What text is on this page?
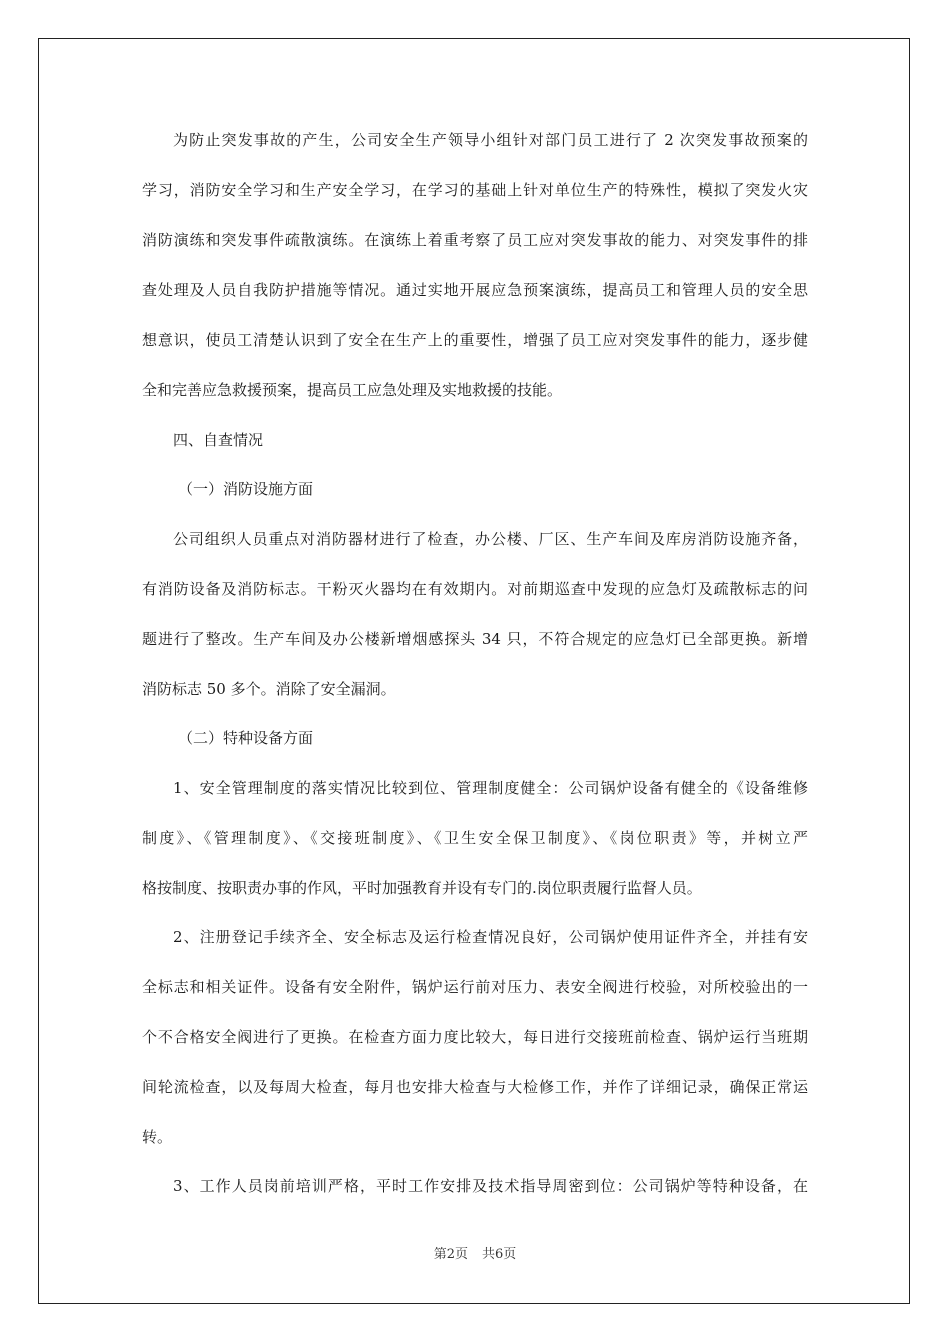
为防止突发事故的产生，公司安全生产领导小组针对部门员工进行了 2 次突发事故预案的
学习，消防安全学习和生产安全学习，在学习的基础上针对单位生产的特殊性，模拟了突发火灾
消防演练和突发事件疏散演练。在演练上着重考察了员工应对突发事故的能力、对突发事件的排
查处理及人员自我防护措施等情况。通过实地开展应急预案演练，提高员工和管理人员的安全思
想意识，使员工清楚认识到了安全在生产上的重要性，增强了员工应对突发事件的能力，逐步健
全和完善应急救援预案，提高员工应急处理及实地救援的技能。
四、自查情况
（一）消防设施方面
公司组织人员重点对消防器材进行了检查，办公楼、厂区、生产车间及库房消防设施齐备，
有消防设备及消防标志。干粉灭火器均在有效期内。对前期巡查中发现的应急灯及疏散标志的问
题进行了整改。生产车间及办公楼新增烟感探头 34 只，不符合规定的应急灯已全部更换。新增
消防标志 50 多个。消除了安全漏洞。
（二）特种设备方面
1、安全管理制度的落实情况比较到位、管理制度健全：公司锅炉设备有健全的《设备维修
制度》、《管理制度》、《交接班制度》、《卫生安全保卫制度》、《岗位职责》等，并树立严
格按制度、按职责办事的作风，平时加强教育并设有专门的.岗位职责履行监督人员。
2、注册登记手续齐全、安全标志及运行检查情况良好，公司锅炉使用证件齐全，并挂有安
全标志和相关证件。设备有安全附件，锅炉运行前对压力、表安全阀进行校验，对所校验出的一
个不合格安全阀进行了更换。在检查方面力度比较大，每日进行交接班前检查、锅炉运行当班期
间轮流检查，以及每周大检查，每月也安排大检查与大检修工作，并作了详细记录，确保正常运
转。
3、工作人员岗前培训严格，平时工作安排及技术指导周密到位：公司锅炉等特种设备，在
第2页 共6页
